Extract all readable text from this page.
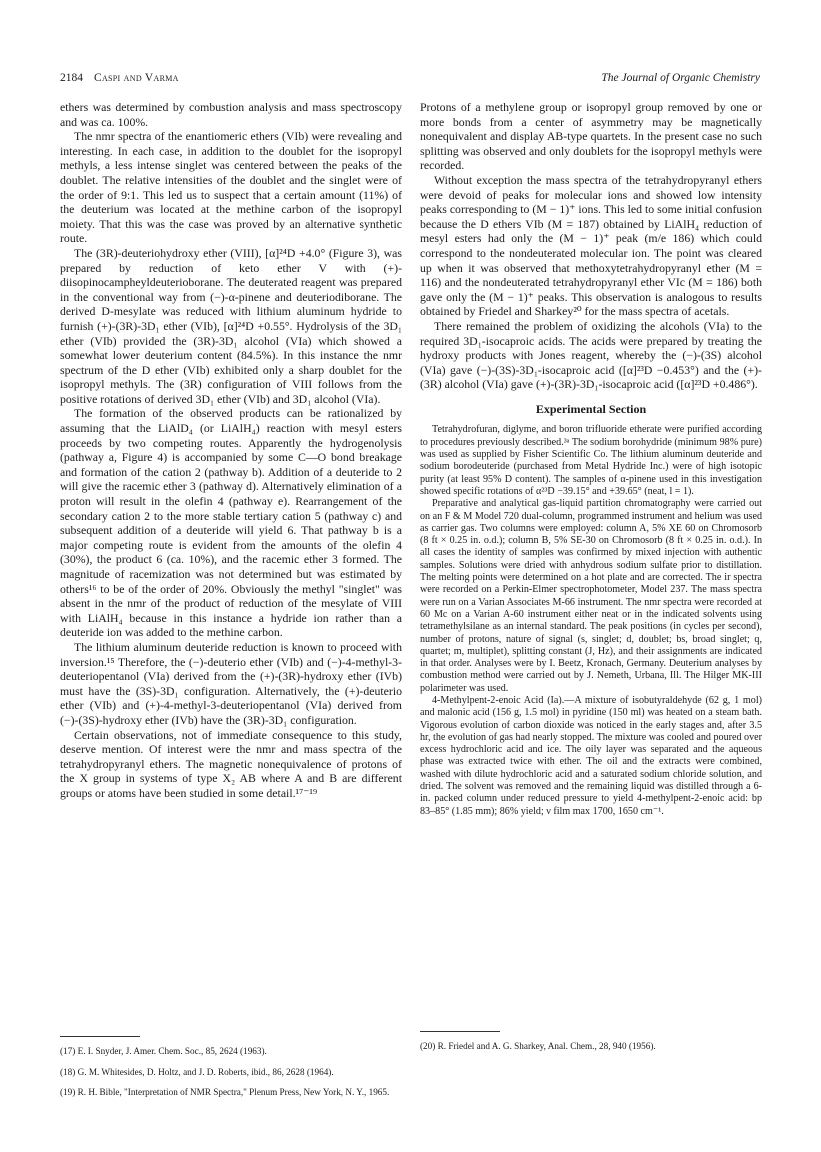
2184 Caspi and Varma	The Journal of Organic Chemistry

ethers was determined by combustion analysis and mass spectroscopy and was ca. 100%.

The nmr spectra of the enantiomeric ethers (VIb) were revealing and interesting. In each case, in addition to the doublet for the isopropyl methyls, a less intense singlet was centered between the peaks of the doublet. The relative intensities of the doublet and the singlet were of the order of 9:1. This led us to suspect that a certain amount (11%) of the deuterium was located at the methine carbon of the isopropyl moiety. That this was the case was proved by an alternative synthetic route.

The (3R)-deuteriohydroxy ether (VIII), [α]²⁴D +4.0° (Figure 3), was prepared by reduction of keto ether V with (+)-diisopinocampheyldeuterioborane. The deuterated reagent was prepared in the conventional way from (−)-α-pinene and deuteriodiborane. The derived D-mesylate was reduced with lithium aluminum hydride to furnish (+)-(3R)-3D₁ ether (VIb), [α]²⁴D +0.55°. Hydrolysis of the 3D₁ ether (VIb) provided the (3R)-3D₁ alcohol (VIa) which showed a somewhat lower deuterium content (84.5%). In this instance the nmr spectrum of the D ether (VIb) exhibited only a sharp doublet for the isopropyl methyls. The (3R) configuration of VIII follows from the positive rotations of derived 3D₁ ether (VIb) and 3D₁ alcohol (VIa).

The formation of the observed products can be rationalized by assuming that the LiAlD₄ (or LiAlH₄) reaction with mesyl esters proceeds by two competing routes. Apparently the hydrogenolysis (pathway a, Figure 4) is accompanied by some C—O bond breakage and formation of the cation 2 (pathway b). Addition of a deuteride to 2 will give the racemic ether 3 (pathway d). Alternatively elimination of a proton will result in the olefin 4 (pathway e). Rearrangement of the secondary cation 2 to the more stable tertiary cation 5 (pathway c) and subsequent addition of a deuteride will yield 6. That pathway b is a major competing route is evident from the amounts of the olefin 4 (30%), the product 6 (ca. 10%), and the racemic ether 3 formed. The magnitude of racemization was not determined but was estimated by others¹⁶ to be of the order of 20%. Obviously the methyl "singlet" was absent in the nmr of the product of reduction of the mesylate of VIII with LiAlH₄ because in this instance a hydride ion rather than a deuteride ion was added to the methine carbon.

The lithium aluminum deuteride reduction is known to proceed with inversion.¹⁵ Therefore, the (−)-deuterio ether (VIb) and (−)-4-methyl-3-deuteriopentanol (VIa) derived from the (+)-(3R)-hydroxy ether (IVb) must have the (3S)-3D₁ configuration. Alternatively, the (+)-deuterio ether (VIb) and (+)-4-methyl-3-deuteriopentanol (VIa) derived from (−)-(3S)-hydroxy ether (IVb) have the (3R)-3D₁ configuration.

Certain observations, not of immediate consequence to this study, deserve mention. Of interest were the nmr and mass spectra of the tetrahydropyranyl ethers. The magnetic nonequivalence of protons of the X group in systems of type X₂ AB where A and B are different groups or atoms have been studied in some detail.¹⁷⁻¹⁹

(17) E. I. Snyder, J. Amer. Chem. Soc., 85, 2624 (1963).

(18) G. M. Whitesides, D. Holtz, and J. D. Roberts, ibid., 86, 2628 (1964).

(19) R. H. Bible, "Interpretation of NMR Spectra," Plenum Press, New York, N. Y., 1965.

Protons of a methylene group or isopropyl group removed by one or more bonds from a center of asymmetry may be magnetically nonequivalent and display AB-type quartets. In the present case no such splitting was observed and only doublets for the isopropyl methyls were recorded.

Without exception the mass spectra of the tetrahydropyranyl ethers were devoid of peaks for molecular ions and showed low intensity peaks corresponding to (M − 1)⁺ ions. This led to some initial confusion because the D ethers VIb (M = 187) obtained by LiAlH₄ reduction of mesyl esters had only the (M − 1)⁺ peak (m/e 186) which could correspond to the nondeuterated molecular ion. The point was cleared up when it was observed that methoxytetrahydropyranyl ether (M = 116) and the nondeuterated tetrahydropyranyl ether VIc (M = 186) both gave only the (M − 1)⁺ peaks. This observation is analogous to results obtained by Friedel and Sharkey²⁰ for the mass spectra of acetals.

There remained the problem of oxidizing the alcohols (VIa) to the required 3D₁-isocaproic acids. The acids were prepared by treating the hydroxy products with Jones reagent, whereby the (−)-(3S) alcohol (VIa) gave (−)-(3S)-3D₁-isocaproic acid ([α]²³D −0.453°) and the (+)-(3R) alcohol (VIa) gave (+)-(3R)-3D₁-isocaproic acid ([α]²³D +0.486°).

Experimental Section

Tetrahydrofuran, diglyme, and boron trifluoride etherate were purified according to procedures previously described.³ᵃ The sodium borohydride (minimum 98% pure) was used as supplied by Fisher Scientific Co. The lithium aluminum deuteride and sodium borodeuteride (purchased from Metal Hydride Inc.) were of high isotopic purity (at least 95% D content). The samples of α-pinene used in this investigation showed specific rotations of α²³D −39.15° and +39.65° (neat, l = 1).

Preparative and analytical gas-liquid partition chromatography were carried out on an F & M Model 720 dual-column, programmed instrument and helium was used as carrier gas. Two columns were employed: column A, 5% XE 60 on Chromosorb (8 ft × 0.25 in. o.d.); column B, 5% SE-30 on Chromosorb (8 ft × 0.25 in. o.d.). In all cases the identity of samples was confirmed by mixed injection with authentic samples. Solutions were dried with anhydrous sodium sulfate prior to distillation. The melting points were determined on a hot plate and are corrected. The ir spectra were recorded on a Perkin-Elmer spectrophotometer, Model 237. The mass spectra were run on a Varian Associates M-66 instrument. The nmr spectra were recorded at 60 Mc on a Varian A-60 instrument either neat or in the indicated solvents using tetramethylsilane as an internal standard. The peak positions (in cycles per second), number of protons, nature of signal (s, singlet; d, doublet; bs, broad singlet; q, quartet; m, multiplet), splitting constant (J, Hz), and their assignments are indicated in that order. Analyses were by I. Beetz, Kronach, Germany. Deuterium analyses by combustion method were carried out by J. Nemeth, Urbana, Ill. The Hilger MK-III polarimeter was used.

4-Methylpent-2-enoic Acid (Ia).—A mixture of isobutyraldehyde (62 g, 1 mol) and malonic acid (156 g, 1.5 mol) in pyridine (150 ml) was heated on a steam bath. Vigorous evolution of carbon dioxide was noticed in the early stages and, after 3.5 hr, the evolution of gas had nearly stopped. The mixture was cooled and poured over excess hydrochloric acid and ice. The oily layer was separated and the aqueous phase was extracted twice with ether. The oil and the extracts were combined, washed with dilute hydrochloric acid and a saturated sodium chloride solution, and dried. The solvent was removed and the remaining liquid was distilled through a 6-in. packed column under reduced pressure to yield 4-methylpent-2-enoic acid: bp 83–85° (1.85 mm); 86% yield; ν film max 1700, 1650 cm⁻¹.

(20) R. Friedel and A. G. Sharkey, Anal. Chem., 28, 940 (1956).
